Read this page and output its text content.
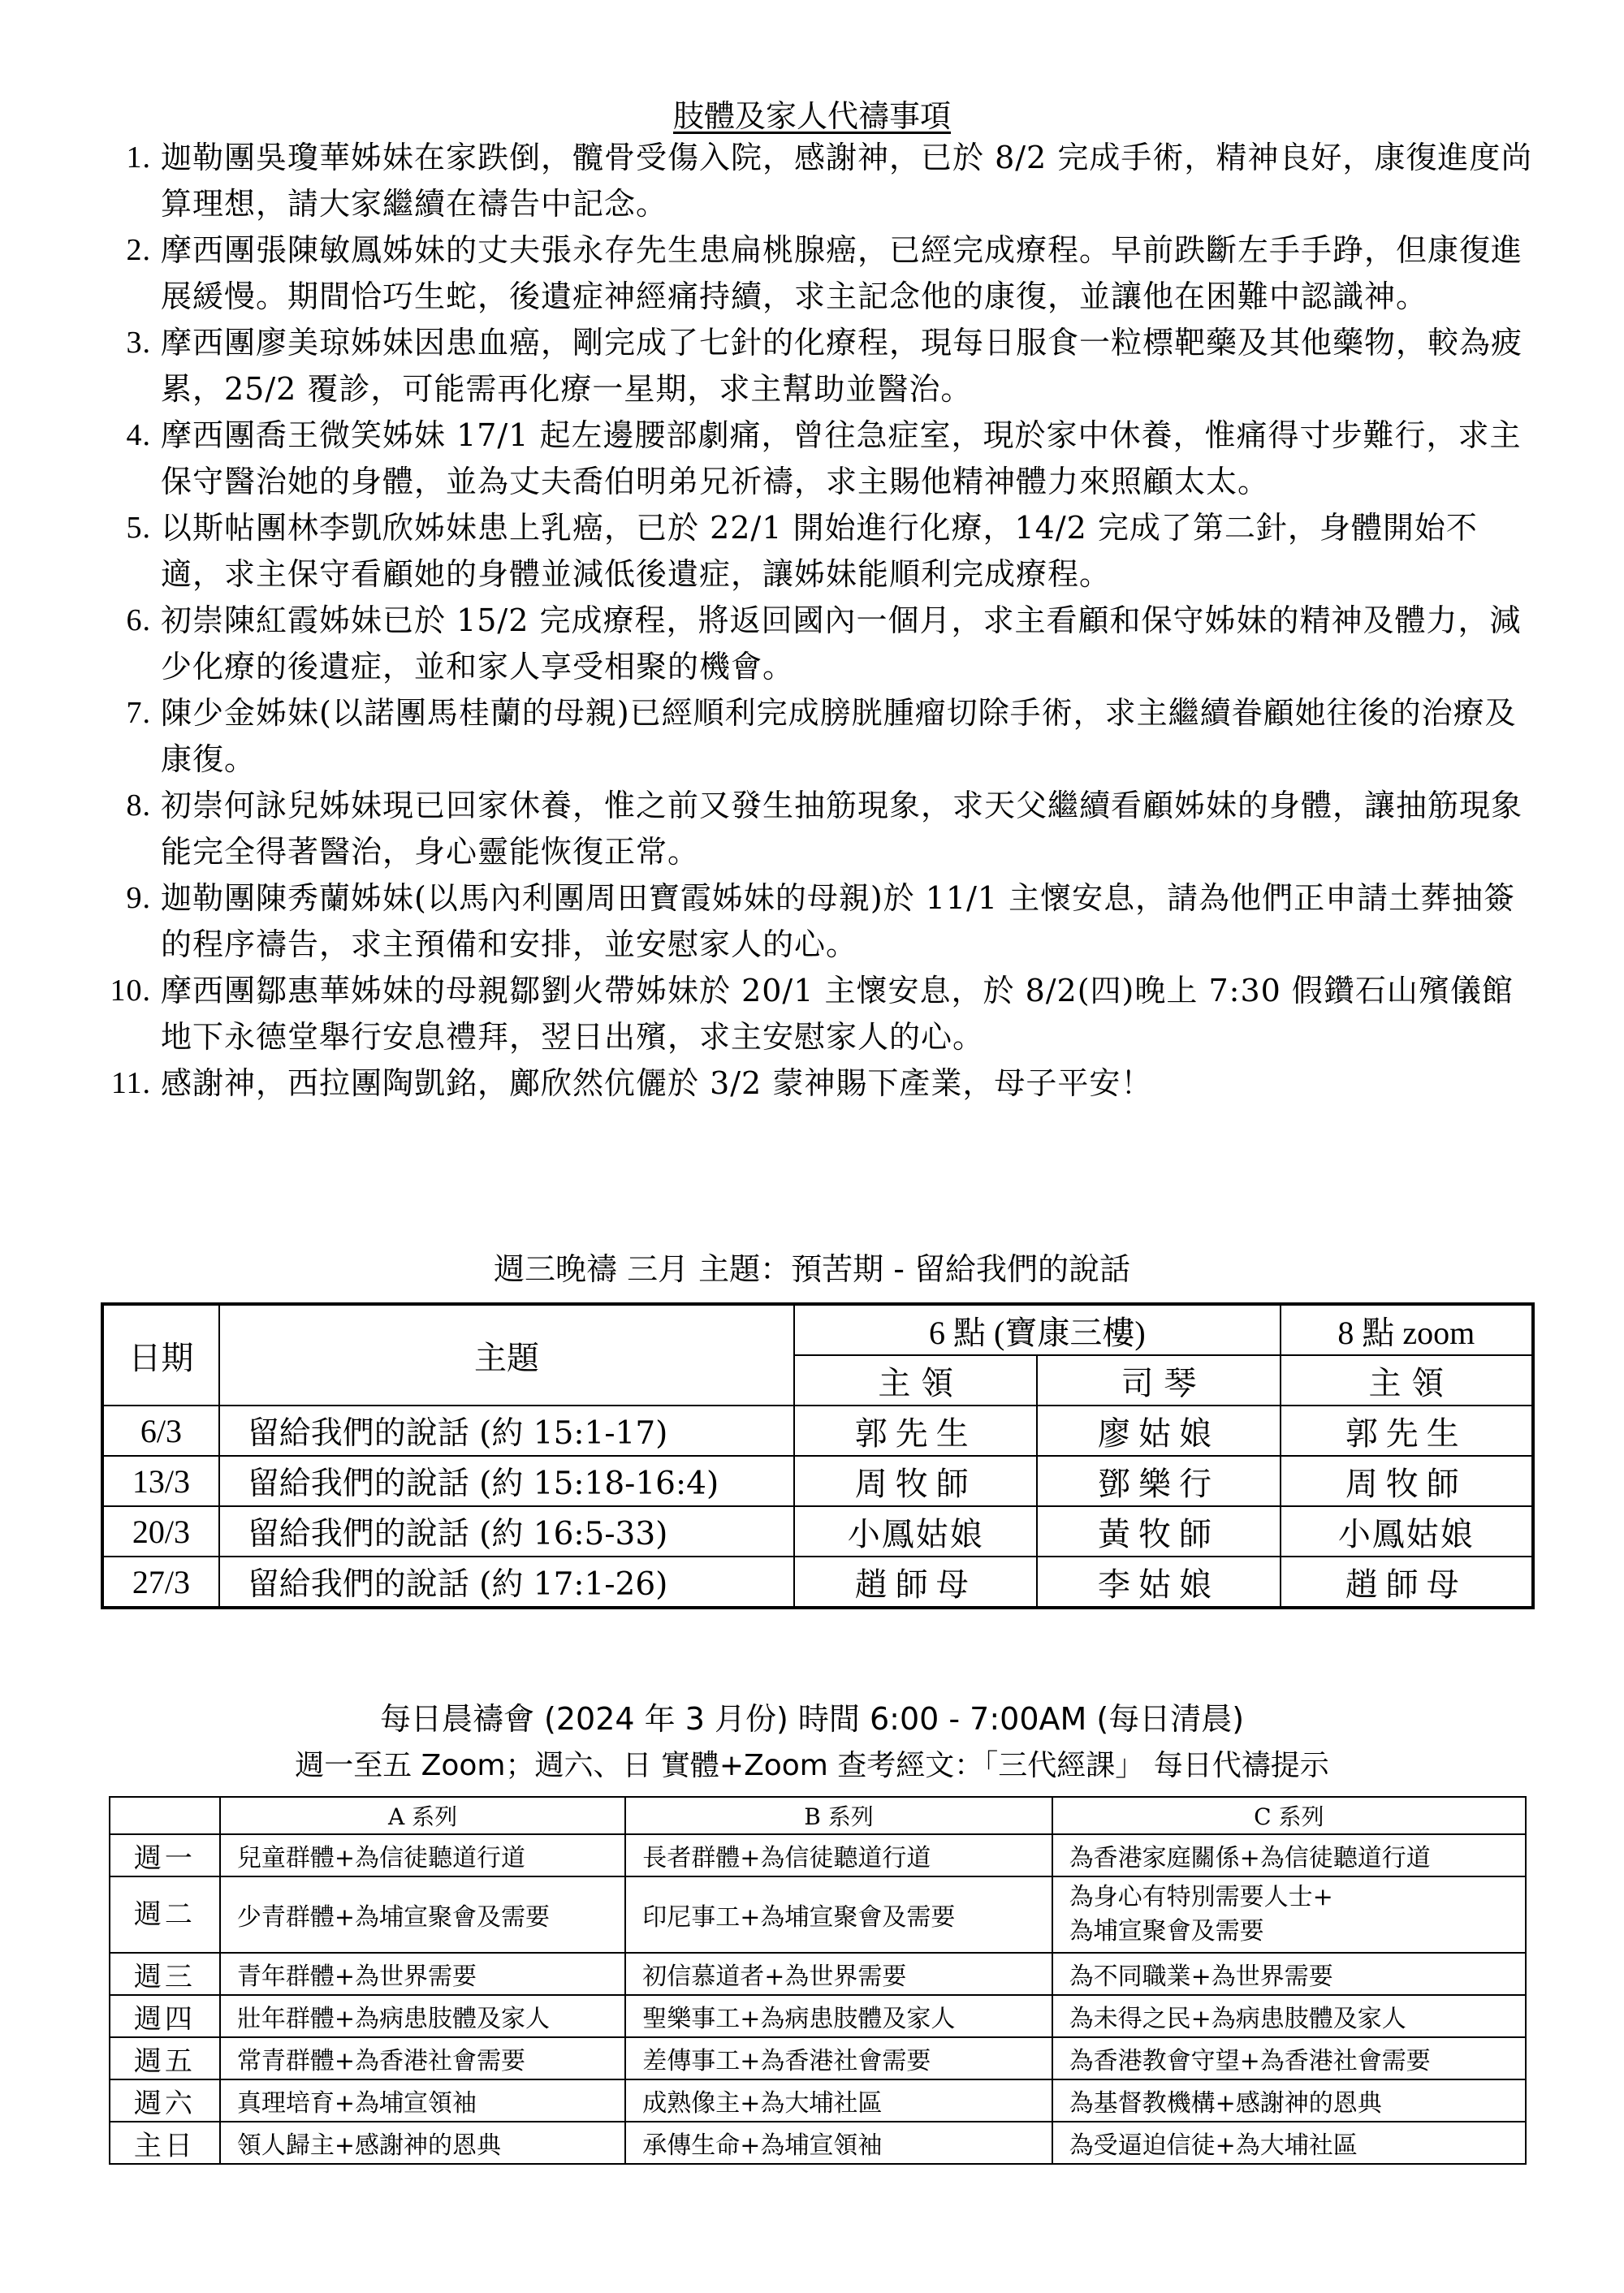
肢體及家人代禱事項
1. 迦勒團吳瓊華姊妹在家跌倒，髖骨受傷入院，感謝神，已於 8/2 完成手術，精神良好，康復進度尚算理想，請大家繼續在禱告中記念。
2. 摩西團張陳敏鳳姊妹的丈夫張永存先生患扁桃腺癌，已經完成療程。早前跌斷左手手踭，但康復進展緩慢。期間恰巧生蛇，後遺症神經痛持續，求主記念他的康復，並讓他在困難中認識神。
3. 摩西團廖美琼姊妹因患血癌，剛完成了七針的化療程，現每日服食一粒標靶藥及其他藥物，較為疲累，25/2 覆診，可能需再化療一星期，求主幫助並醫治。
4. 摩西團喬王微笑姊妹 17/1 起左邊腰部劇痛，曾往急症室，現於家中休養，惟痛得寸步難行，求主保守醫治她的身體，並為丈夫喬伯明弟兄祈禱，求主賜他精神體力來照顧太太。
5. 以斯帖團林李凱欣姊妹患上乳癌，已於 22/1 開始進行化療，14/2 完成了第二針，身體開始不適，求主保守看顧她的身體並減低後遺症，讓姊妹能順利完成療程。
6. 初崇陳紅霞姊妹已於 15/2 完成療程，將返回國內一個月，求主看顧和保守姊妹的精神及體力，減少化療的後遺症，並和家人享受相聚的機會。
7. 陳少金姊妹(以諾團馬桂蘭的母親)已經順利完成膀胱腫瘤切除手術，求主繼續眷顧她往後的治療及康復。
8. 初崇何詠兒姊妹現已回家休養，惟之前又發生抽筋現象，求天父繼續看顧姊妹的身體，讓抽筋現象能完全得著醫治，身心靈能恢復正常。
9. 迦勒團陳秀蘭姊妹(以馬內利團周田寶霞姊妹的母親)於 11/1 主懷安息，請為他們正申請土葬抽簽的程序禱告，求主預備和安排，並安慰家人的心。
10. 摩西團鄒惠華姊妹的母親鄒劉火帶姊妹於 20/1 主懷安息，於 8/2(四)晚上 7:30 假鑽石山殯儀館地下永德堂舉行安息禮拜，翌日出殯，求主安慰家人的心。
11. 感謝神，西拉團陶凱銘，鄺欣然伉儷於 3/2 蒙神賜下產業，母子平安！
週三晚禱 三月 主題：預苦期 - 留給我們的說話
日期	主題	6 點 (寶康三樓)		8 點 zoom
		主 領	司 琴	主 領
6/3	留給我們的說話 (約 15:1-17)	郭先生	廖姑娘	郭先生
13/3	留給我們的說話 (約 15:18-16:4)	周牧師	鄧樂行	周牧師
20/3	留給我們的說話 (約 16:5-33)	小鳳姑娘	黃牧師	小鳳姑娘
27/3	留給我們的說話 (約 17:1-26)	趙師母	李姑娘	趙師母
每日晨禱會 (2024 年 3 月份) 時間 6:00 - 7:00AM (每日清晨)
週一至五 Zoom；週六、日 實體+Zoom 查考經文：「三代經課」 每日代禱提示
	A 系列	B 系列	C 系列
週一	兒童群體+為信徒聽道行道	長者群體+為信徒聽道行道	為香港家庭關係+為信徒聽道行道
週二	少青群體+為埔宣聚會及需要	印尼事工+為埔宣聚會及需要	為身心有特別需要人士+
為埔宣聚會及需要
週三	青年群體+為世界需要	初信慕道者+為世界需要	為不同職業+為世界需要
週四	壯年群體+為病患肢體及家人	聖樂事工+為病患肢體及家人	為未得之民+為病患肢體及家人
週五	常青群體+為香港社會需要	差傳事工+為香港社會需要	為香港教會守望+為香港社會需要
週六	真理培育+為埔宣領袖	成熟像主+為大埔社區	為基督教機構+感謝神的恩典
主日	領人歸主+感謝神的恩典	承傳生命+為埔宣領袖	為受逼迫信徒+為大埔社區
